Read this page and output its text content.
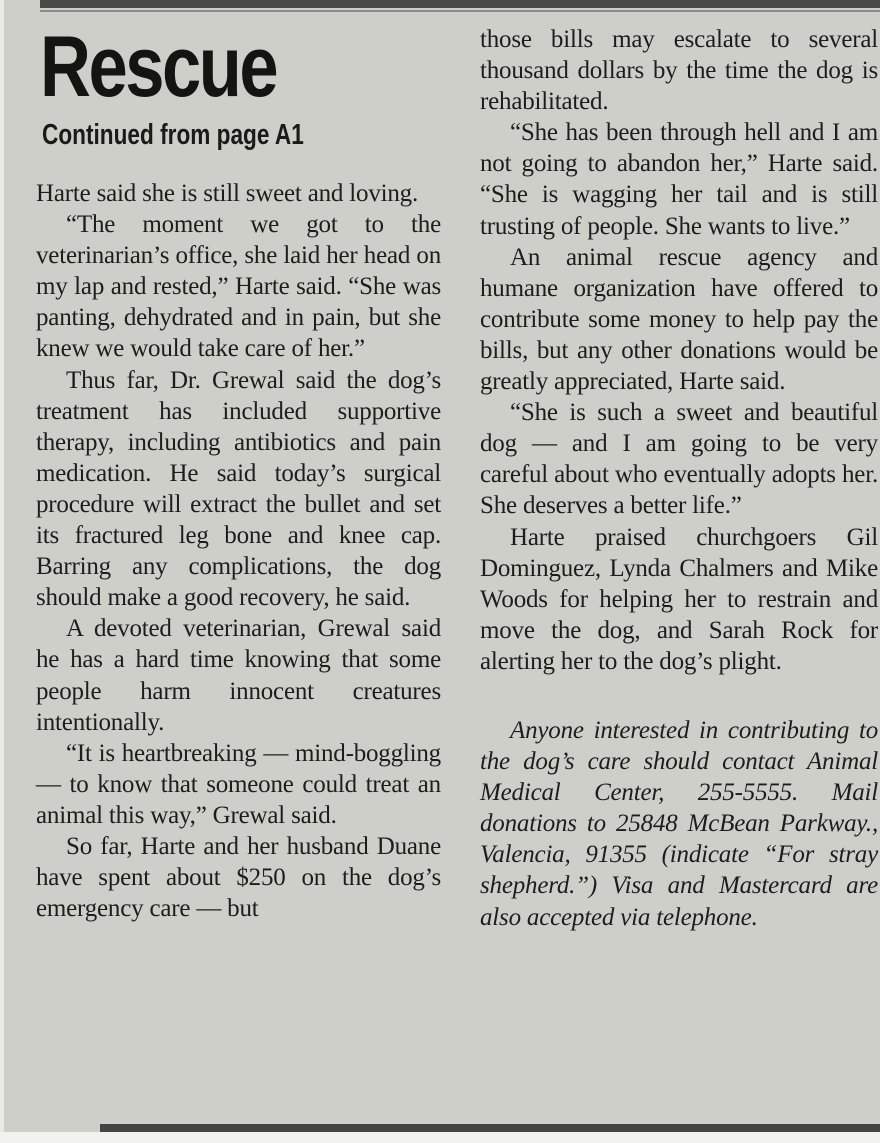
Rescue
Continued from page A1

Harte said she is still sweet and loving.

“The moment we got to the veterinarian’s office, she laid her head on my lap and rested,” Harte said. “She was panting, dehydrated and in pain, but she knew we would take care of her.”

Thus far, Dr. Grewal said the dog’s treatment has included supportive therapy, including antibiotics and pain medication. He said today’s surgical procedure will extract the bullet and set its fractured leg bone and knee cap. Barring any complications, the dog should make a good recovery, he said.

A devoted veterinarian, Grewal said he has a hard time knowing that some people harm innocent creatures intentionally.

“It is heartbreaking — mind-boggling — to know that someone could treat an animal this way,” Grewal said.

So far, Harte and her husband Duane have spent about $250 on the dog’s emergency care — but

those bills may escalate to several thousand dollars by the time the dog is rehabilitated.

“She has been through hell and I am not going to abandon her,” Harte said. “She is wagging her tail and is still trusting of people. She wants to live.”

An animal rescue agency and humane organization have offered to contribute some money to help pay the bills, but any other donations would be greatly appreciated, Harte said.

“She is such a sweet and beautiful dog — and I am going to be very careful about who eventually adopts her. She deserves a better life.”

Harte praised churchgoers Gil Dominguez, Lynda Chalmers and Mike Woods for helping her to restrain and move the dog, and Sarah Rock for alerting her to the dog’s plight.

Anyone interested in contributing to the dog’s care should contact Animal Medical Center, 255-5555. Mail donations to 25848 McBean Parkway., Valencia, 91355 (indicate “For stray shepherd.”) Visa and Mastercard are also accepted via telephone.
